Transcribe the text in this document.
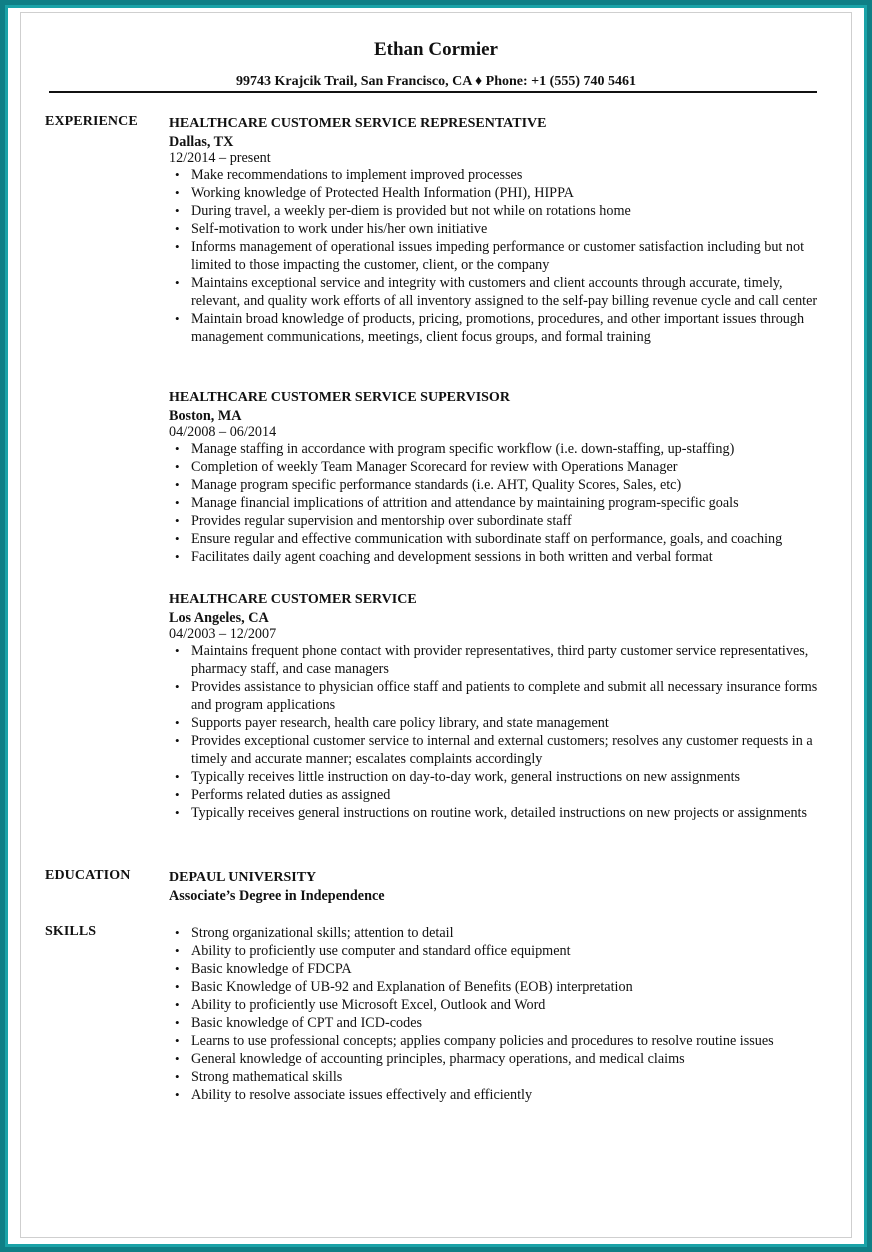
Ethan Cormier
99743 Krajcik Trail, San Francisco, CA ♦ Phone: +1 (555) 740 5461
EXPERIENCE HEALTHCARE CUSTOMER SERVICE REPRESENTATIVE
Dallas, TX
12/2014 – present
• Make recommendations to implement improved processes
• Working knowledge of Protected Health Information (PHI), HIPPA
• During travel, a weekly per-diem is provided but not while on rotations home
• Self-motivation to work under his/her own initiative
• Informs management of operational issues impeding performance or customer satisfaction including but not limited to those impacting the customer, client, or the company
• Maintains exceptional service and integrity with customers and client accounts through accurate, timely, relevant, and quality work efforts of all inventory assigned to the self-pay billing revenue cycle and call center
• Maintain broad knowledge of products, pricing, promotions, procedures, and other important issues through management communications, meetings, client focus groups, and formal training
HEALTHCARE CUSTOMER SERVICE SUPERVISOR
Boston, MA
04/2008 – 06/2014
• Manage staffing in accordance with program specific workflow (i.e. down-staffing, up-staffing)
• Completion of weekly Team Manager Scorecard for review with Operations Manager
• Manage program specific performance standards (i.e. AHT, Quality Scores, Sales, etc)
• Manage financial implications of attrition and attendance by maintaining program-specific goals
• Provides regular supervision and mentorship over subordinate staff
• Ensure regular and effective communication with subordinate staff on performance, goals, and coaching
• Facilitates daily agent coaching and development sessions in both written and verbal format
HEALTHCARE CUSTOMER SERVICE
Los Angeles, CA
04/2003 – 12/2007
• Maintains frequent phone contact with provider representatives, third party customer service representatives, pharmacy staff, and case managers
• Provides assistance to physician office staff and patients to complete and submit all necessary insurance forms and program applications
• Supports payer research, health care policy library, and state management
• Provides exceptional customer service to internal and external customers; resolves any customer requests in a timely and accurate manner; escalates complaints accordingly
• Typically receives little instruction on day-to-day work, general instructions on new assignments
• Performs related duties as assigned
• Typically receives general instructions on routine work, detailed instructions on new projects or assignments
EDUCATION	DEPAUL UNIVERSITY
Associate’s Degree in Independence
SKILLS
•	Strong organizational skills; attention to detail
• Ability to proficiently use computer and standard office equipment
• Basic knowledge of FDCPA
• Basic Knowledge of UB-92 and Explanation of Benefits (EOB) interpretation
• Ability to proficiently use Microsoft Excel, Outlook and Word
• Basic knowledge of CPT and ICD-codes
• Learns to use professional concepts; applies company policies and procedures to resolve routine issues
• General knowledge of accounting principles, pharmacy operations, and medical claims
• Strong mathematical skills
• Ability to resolve associate issues effectively and efficiently
